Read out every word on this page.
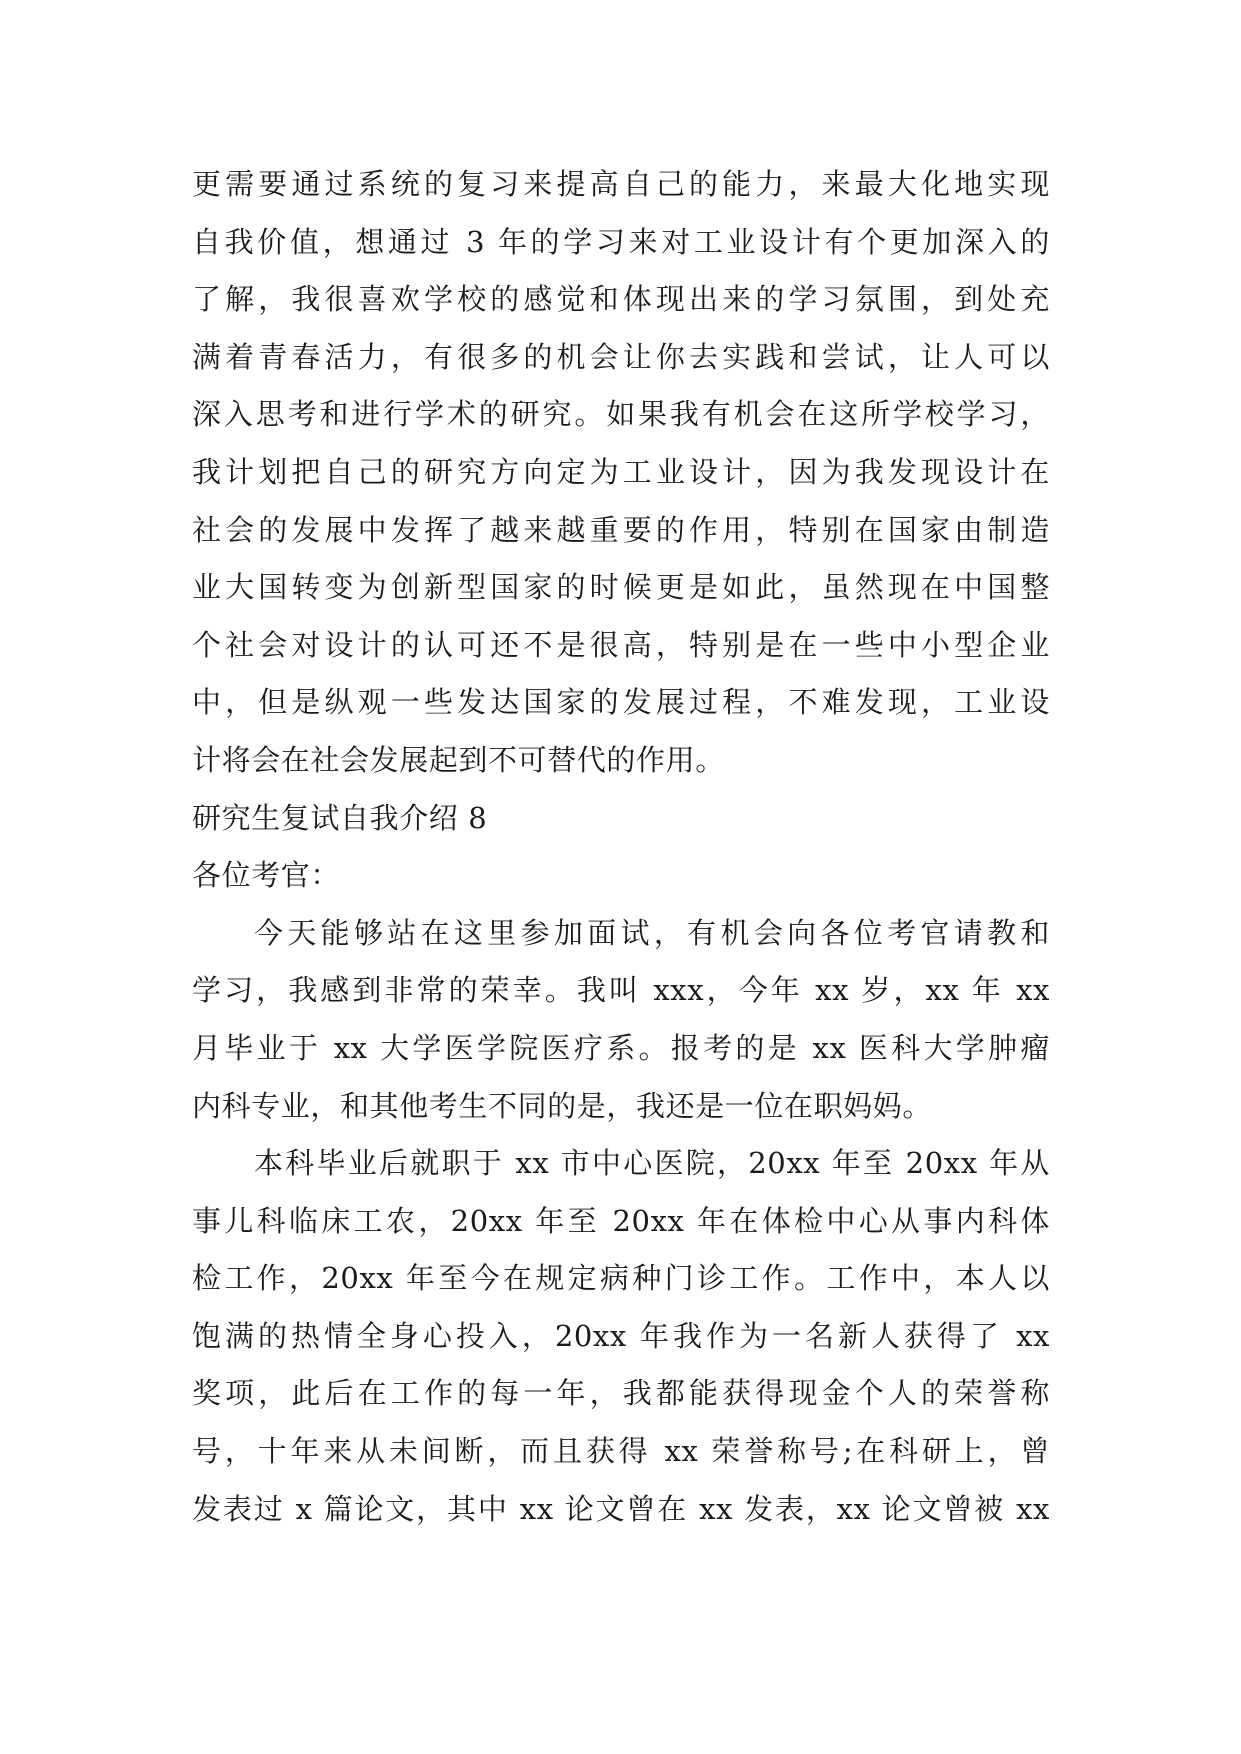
更需要通过系统的复习来提高自己的能力，来最大化地实现
自我价值，想通过 3 年的学习来对工业设计有个更加深入的
了解，我很喜欢学校的感觉和体现出来的学习氛围，到处充
满着青春活力，有很多的机会让你去实践和尝试，让人可以
深入思考和进行学术的研究。如果我有机会在这所学校学习，
我计划把自己的研究方向定为工业设计，因为我发现设计在
社会的发展中发挥了越来越重要的作用，特别在国家由制造
业大国转变为创新型国家的时候更是如此，虽然现在中国整
个社会对设计的认可还不是很高，特别是在一些中小型企业
中，但是纵观一些发达国家的发展过程，不难发现，工业设
计将会在社会发展起到不可替代的作用。
研究生复试自我介绍 8
各位考官：
今天能够站在这里参加面试，有机会向各位考官请教和
学习，我感到非常的荣幸。我叫 xxx，今年 xx 岁，xx 年 xx
月毕业于 xx 大学医学院医疗系。报考的是 xx 医科大学肿瘤
内科专业，和其他考生不同的是，我还是一位在职妈妈。
本科毕业后就职于 xx 市中心医院，20xx 年至 20xx 年从
事儿科临床工农，20xx 年至 20xx 年在体检中心从事内科体
检工作，20xx 年至今在规定病种门诊工作。工作中，本人以
饱满的热情全身心投入，20xx 年我作为一名新人获得了 xx
奖项，此后在工作的每一年，我都能获得现金个人的荣誉称
号，十年来从未间断，而且获得 xx 荣誉称号;在科研上，曾
发表过 x 篇论文，其中 xx 论文曾在 xx 发表，xx 论文曾被 xx
